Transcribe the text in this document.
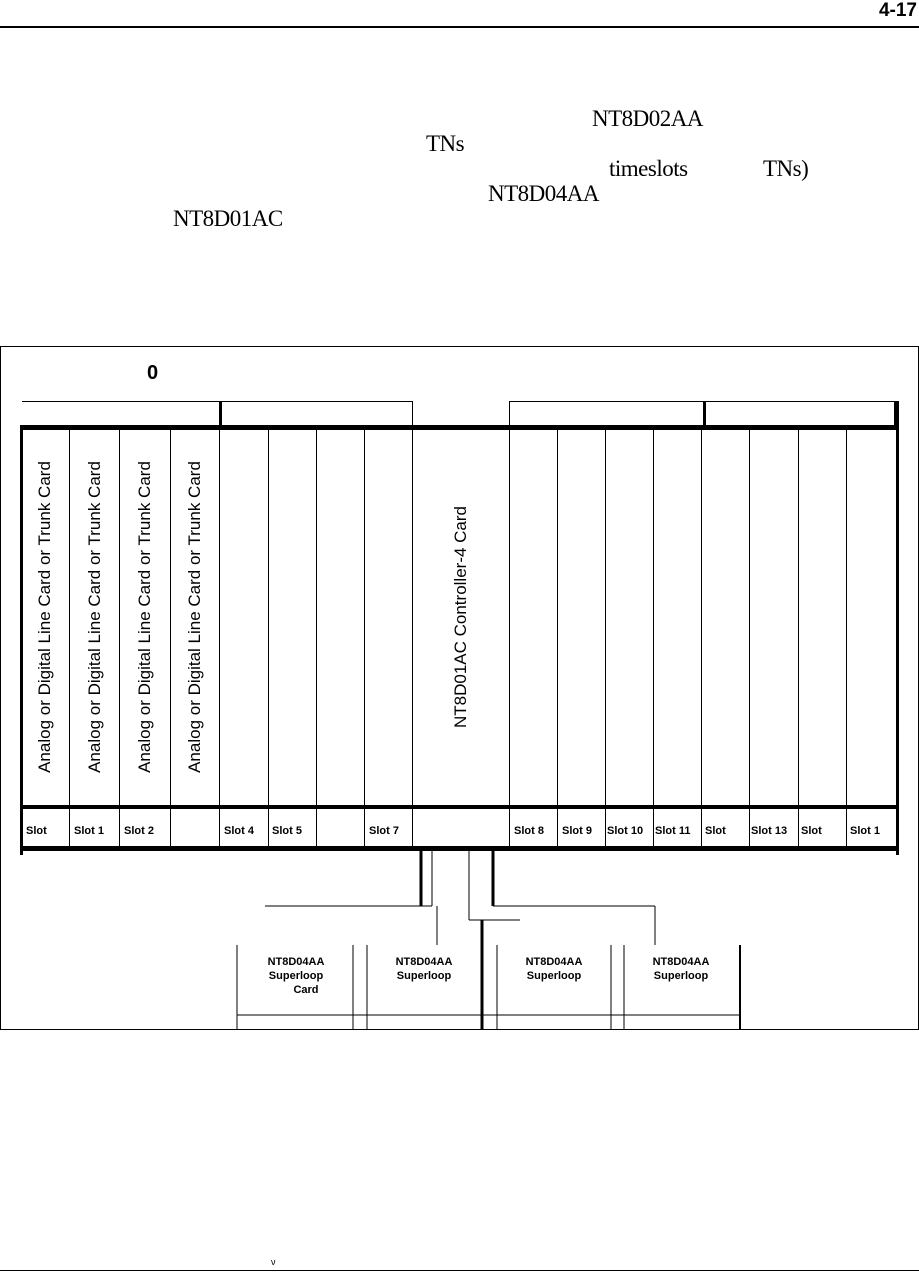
4-17
NT8D02AA
TNs
timeslots	TNs)
NT8D04AA
NT8D01AC
0
Analog or Digital Line Card or Trunk Card Analog or Digital Line Card or Trunk Card Analog or Digital Line Card or Trunk Card Analog or Digital Line Card or Trunk Card	NT8D01AC Controller-4 Card
Slot Slot 1 Slot 2	Slot 4 Slot 5	Slot 7	Slot 8 Slot 9 Slot 10 Slot 11 Slot Slot 13 Slot	Slot 1
NT8D04AA
Superloop
Card
NT8D04AA
Superloop
NT8D04AA
Superloop
NT8D04AA
Superloop
ν
